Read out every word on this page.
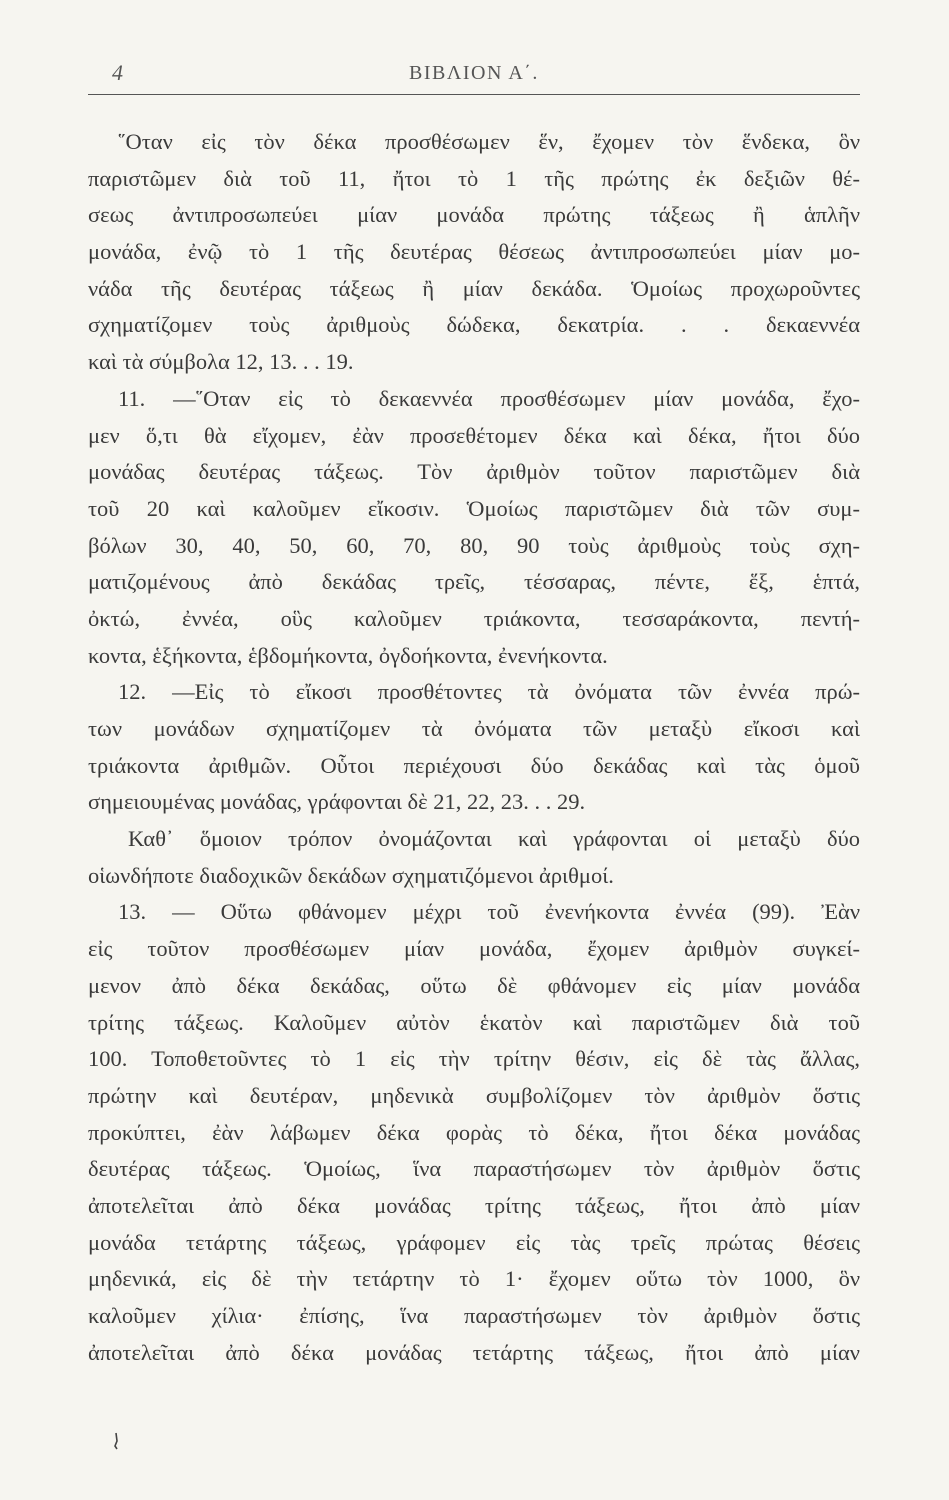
4	ΒΙΒΛΙΟΝ Α΄.
῞Οταν εἰς τὸν δέκα προσθέσωμεν ἕν, ἔχομεν τὸν ἕνδεκα, ὃν
παριστῶμεν διὰ τοῦ 11, ἤτοι τὸ 1 τῆς πρώτης ἐκ δεξιῶν θέ-
σεως ἀντιπροσωπεύει μίαν μονάδα πρώτης τάξεως ἢ ἁπλῆν
μονάδα, ἐνῷ τὸ 1 τῆς δευτέρας θέσεως ἀντιπροσωπεύει μίαν μο-
νάδα τῆς δευτέρας τάξεως ἢ μίαν δεκάδα. Ὁμοίως προχωροῦντες
σχηματίζομεν τοὺς ἀριθμοὺς δώδεκα, δεκατρία. . . δεκαεννέα
καὶ τὰ σύμβολα 12, 13. . . 19.
11. —῞Οταν εἰς τὸ δεκαεννέα προσθέσωμεν μίαν μονάδα, ἔχο-
μεν ὅ,τι θὰ εἴχομεν, ἐὰν προσεθέτομεν δέκα καὶ δέκα, ἤτοι δύο
μονάδας δευτέρας τάξεως. Τὸν ἀριθμὸν τοῦτον παριστῶμεν διὰ
τοῦ 20 καὶ καλοῦμεν εἴκοσιν. Ὁμοίως παριστῶμεν διὰ τῶν συμ-
βόλων 30, 40, 50, 60, 70, 80, 90 τοὺς ἀριθμοὺς τοὺς σχη-
ματιζομένους ἀπὸ δεκάδας τρεῖς, τέσσαρας, πέντε, ἕξ, ἑπτά,
ὀκτώ, ἐννέα, οὓς καλοῦμεν τριάκοντα, τεσσαράκοντα, πεντή-
κοντα, ἑξήκοντα, ἑβδομήκοντα, ὀγδοήκοντα, ἐνενήκοντα.
12. —Εἰς τὸ εἴκοσι προσθέτοντες τὰ ὀνόματα τῶν ἐννέα πρώ-
των μονάδων σχηματίζομεν τὰ ὀνόματα τῶν μεταξὺ εἴκοσι καὶ
τριάκοντα ἀριθμῶν. Οὗτοι περιέχουσι δύο δεκάδας καὶ τὰς ὁμοῦ
σημειουμένας μονάδας, γράφονται δὲ 21, 22, 23. . . 29.
Καθ᾽ ὅμοιον τρόπον ὀνομάζονται καὶ γράφονται οἱ μεταξὺ δύο
οἱωνδήποτε διαδοχικῶν δεκάδων σχηματιζόμενοι ἀριθμοί.
13. — Οὕτω φθάνομεν μέχρι τοῦ ἐνενήκοντα ἐννέα (99). Ἐὰν
εἰς τοῦτον προσθέσωμεν μίαν μονάδα, ἔχομεν ἀριθμὸν συγκεί-
μενον ἀπὸ δέκα δεκάδας, οὕτω δὲ φθάνομεν εἰς μίαν μονάδα
τρίτης τάξεως. Καλοῦμεν αὐτὸν ἑκατὸν καὶ παριστῶμεν διὰ τοῦ
100. Τοποθετοῦντες τὸ 1 εἰς τὴν τρίτην θέσιν, εἰς δὲ τὰς ἄλλας,
πρώτην καὶ δευτέραν, μηδενικὰ συμβολίζομεν τὸν ἀριθμὸν ὅστις
προκύπτει, ἐὰν λάβωμεν δέκα φορὰς τὸ δέκα, ἤτοι δέκα μονάδας
δευτέρας τάξεως. Ὁμοίως, ἵνα παραστήσωμεν τὸν ἀριθμὸν ὅστις
ἀποτελεῖται ἀπὸ δέκα μονάδας τρίτης τάξεως, ἤτοι ἀπὸ μίαν
μονάδα τετάρτης τάξεως, γράφομεν εἰς τὰς τρεῖς πρώτας θέσεις
μηδενικά, εἰς δὲ τὴν τετάρτην τὸ 1· ἔχομεν οὕτω τὸν 1000, ὃν
καλοῦμεν χίλια· ἐπίσης, ἵνα παραστήσωμεν τὸν ἀριθμὸν ὅστις
ἀποτελεῖται ἀπὸ δέκα μονάδας τετάρτης τάξεως, ἤτοι ἀπὸ μίαν
